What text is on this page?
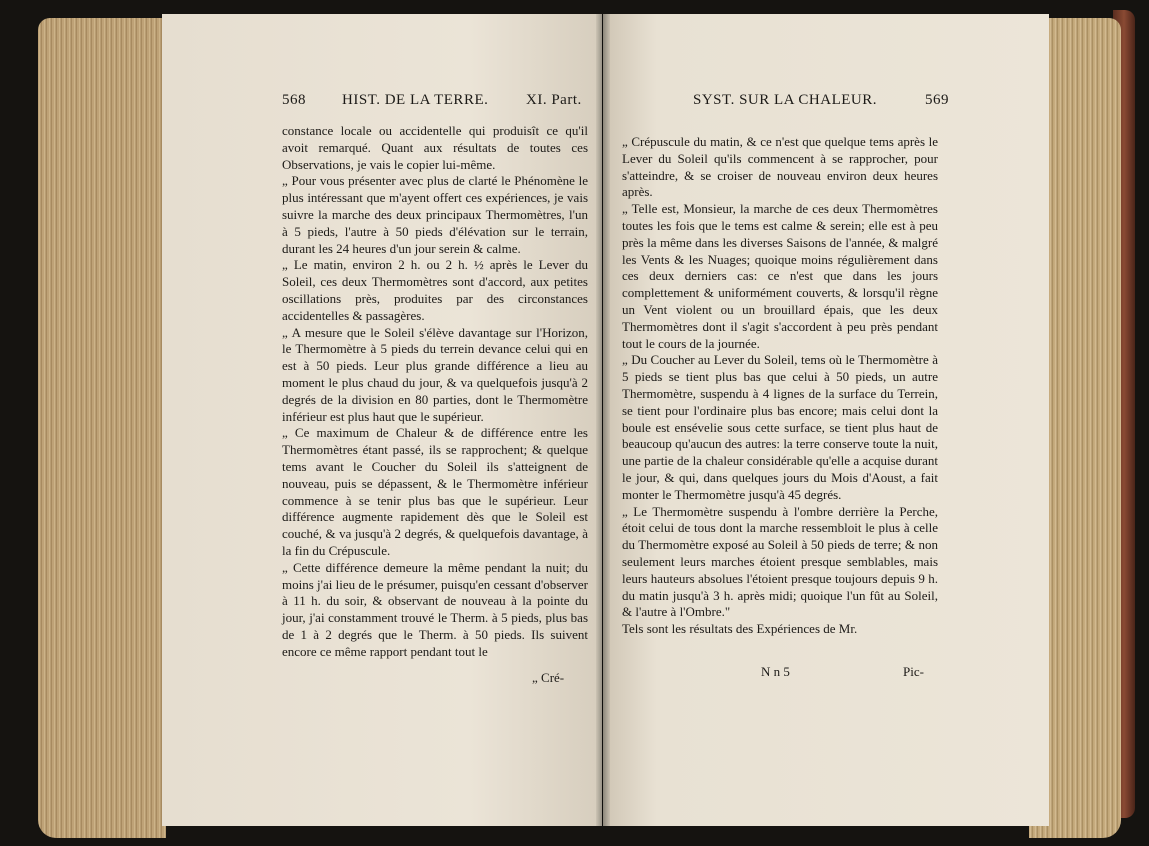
568 HIST. DE LA TERRE.	XI. Part.

constance locale ou accidentelle qui produisît ce qu'il avoit remarqué. Quant aux résultats de toutes ces Observations, je vais le copier lui-même.

„ Pour vous présenter avec plus de clarté le Phénomène le plus intéressant que m'ayent offert ces expériences, je vais suivre la marche des deux principaux Thermomètres, l'un à 5 pieds, l'autre à 50 pieds d'élévation sur le terrain, durant les 24 heures d'un jour serein & calme.

„ Le matin, environ 2 h. ou 2 h. ½ après le Lever du Soleil, ces deux Thermomètres sont d'accord, aux petites oscillations près, produites par des circonstances accidentelles & passagères.

„ A mesure que le Soleil s'élève davantage sur l'Horizon, le Thermomètre à 5 pieds du terrein devance celui qui en est à 50 pieds. Leur plus grande différence a lieu au moment le plus chaud du jour, & va quelquefois jusqu'à 2 degrés de la division en 80 parties, dont le Thermomètre inférieur est plus haut que le supérieur.

„ Ce maximum de Chaleur & de différence entre les Thermomètres étant passé, ils se rapprochent; & quelque tems avant le Coucher du Soleil ils s'atteignent de nouveau, puis se dépassent, & le Thermomètre inférieur commence à se tenir plus bas que le supérieur. Leur différence augmente rapidement dès que le Soleil est couché, & va jusqu'à 2 degrés, & quelquefois davantage, à la fin du Crépuscule.

„ Cette différence demeure la même pendant la nuit; du moins j'ai lieu de le présumer, puisqu'en cessant d'observer à 11 h. du soir, & observant de nouveau à la pointe du jour, j'ai constamment trouvé le Therm. à 5 pieds, plus bas de 1 à 2 degrés que le Therm. à 50 pieds. Ils suivent encore ce même rapport pendant tout le

„ Cré-
SYST. SUR LA CHALEUR.	569

„ Crépuscule du matin, & ce n'est que quelque tems après le Lever du Soleil qu'ils commencent à se rapprocher, pour s'atteindre, & se croiser de nouveau environ deux heures après.

„ Telle est, Monsieur, la marche de ces deux Thermomètres toutes les fois que le tems est calme & serein; elle est à peu près la même dans les diverses Saisons de l'année, & malgré les Vents & les Nuages; quoique moins régulièrement dans ces deux derniers cas: ce n'est que dans les jours complettement & uniformément couverts, & lorsqu'il règne un Vent violent ou un brouillard épais, que les deux Thermomètres dont il s'agit s'accordent à peu près pendant tout le cours de la journée.

„ Du Coucher au Lever du Soleil, tems où le Thermomètre à 5 pieds se tient plus bas que celui à 50 pieds, un autre Thermomètre, suspendu à 4 lignes de la surface du Terrein, se tient pour l'ordinaire plus bas encore; mais celui dont la boule est ensévelie sous cette surface, se tient plus haut de beaucoup qu'aucun des autres: la terre conserve toute la nuit, une partie de la chaleur considérable qu'elle a acquise durant le jour, & qui, dans quelques jours du Mois d'Aoust, a fait monter le Thermomètre jusqu'à 45 degrés.

„ Le Thermomètre suspendu à l'ombre derrière la Perche, étoit celui de tous dont la marche ressembloit le plus à celle du Thermomètre exposé au Soleil à 50 pieds de terre; & non seulement leurs marches étoient presque semblables, mais leurs hauteurs absolues l'étoient presque toujours depuis 9 h. du matin jusqu'à 3 h. après midi; quoique l'un fût au Soleil, & l'autre à l'Ombre."

Tels sont les résultats des Expériences de Mr.

N n 5	Pic-
